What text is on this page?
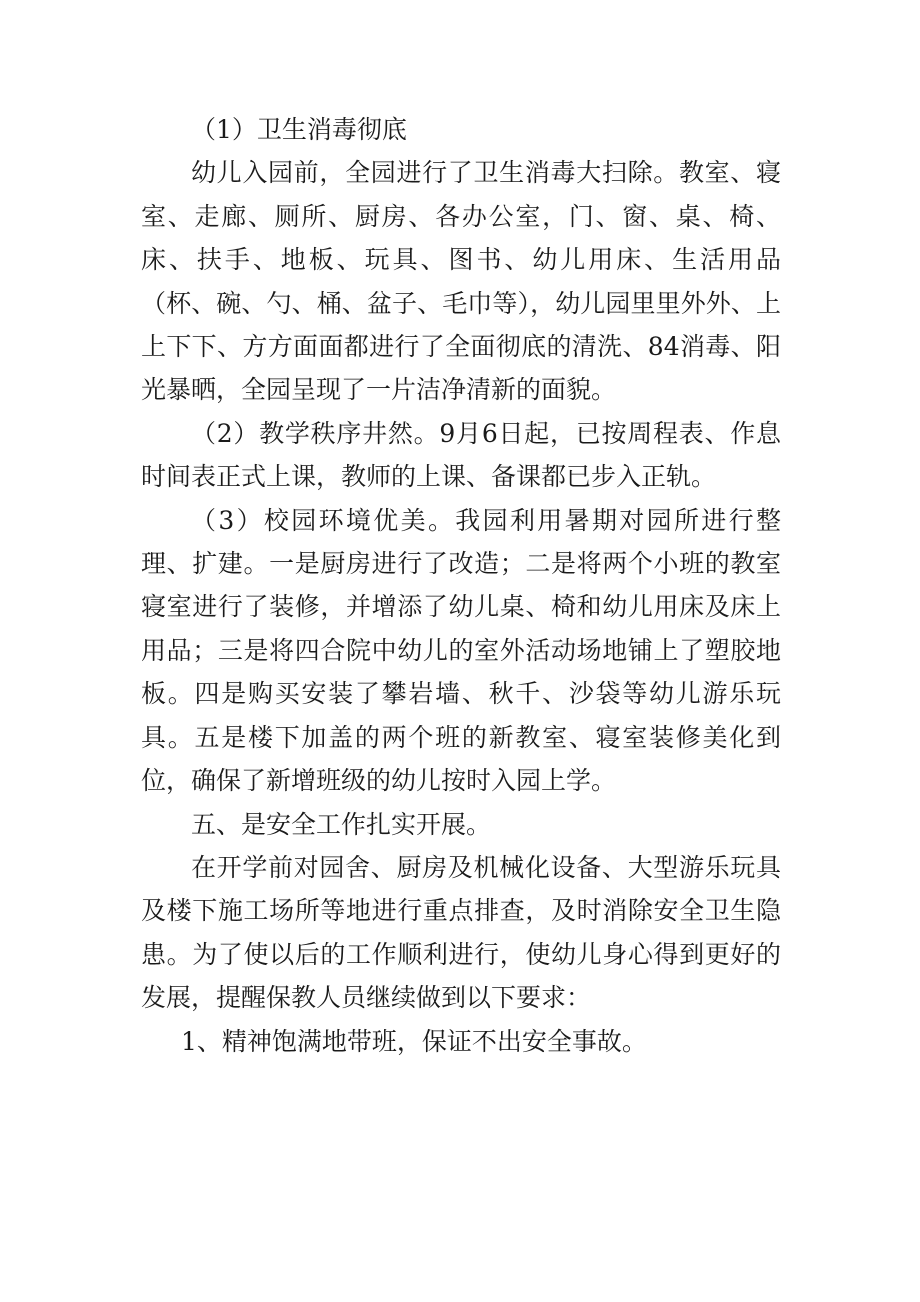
（1）卫生消毒彻底

幼儿入园前，全园进行了卫生消毒大扫除。教室、寝室、走廊、厕所、厨房、各办公室，门、窗、桌、椅、床、扶手、地板、玩具、图书、幼儿用床、生活用品（杯、碗、勺、桶、盆子、毛巾等），幼儿园里里外外、上上下下、方方面面都进行了全面彻底的清洗、84消毒、阳光暴晒，全园呈现了一片洁净清新的面貌。

（2）教学秩序井然。9月6日起，已按周程表、作息时间表正式上课，教师的上课、备课都已步入正轨。

（3）校园环境优美。我园利用暑期对园所进行整理、扩建。一是厨房进行了改造；二是将两个小班的教室寝室进行了装修，并增添了幼儿桌、椅和幼儿用床及床上用品；三是将四合院中幼儿的室外活动场地铺上了塑胶地板。四是购买安装了攀岩墙、秋千、沙袋等幼儿游乐玩具。五是楼下加盖的两个班的新教室、寝室装修美化到位，确保了新增班级的幼儿按时入园上学。

五、是安全工作扎实开展。

在开学前对园舍、厨房及机械化设备、大型游乐玩具及楼下施工场所等地进行重点排查，及时消除安全卫生隐患。为了使以后的工作顺利进行，使幼儿身心得到更好的发展，提醒保教人员继续做到以下要求：

1、精神饱满地带班，保证不出安全事故。
